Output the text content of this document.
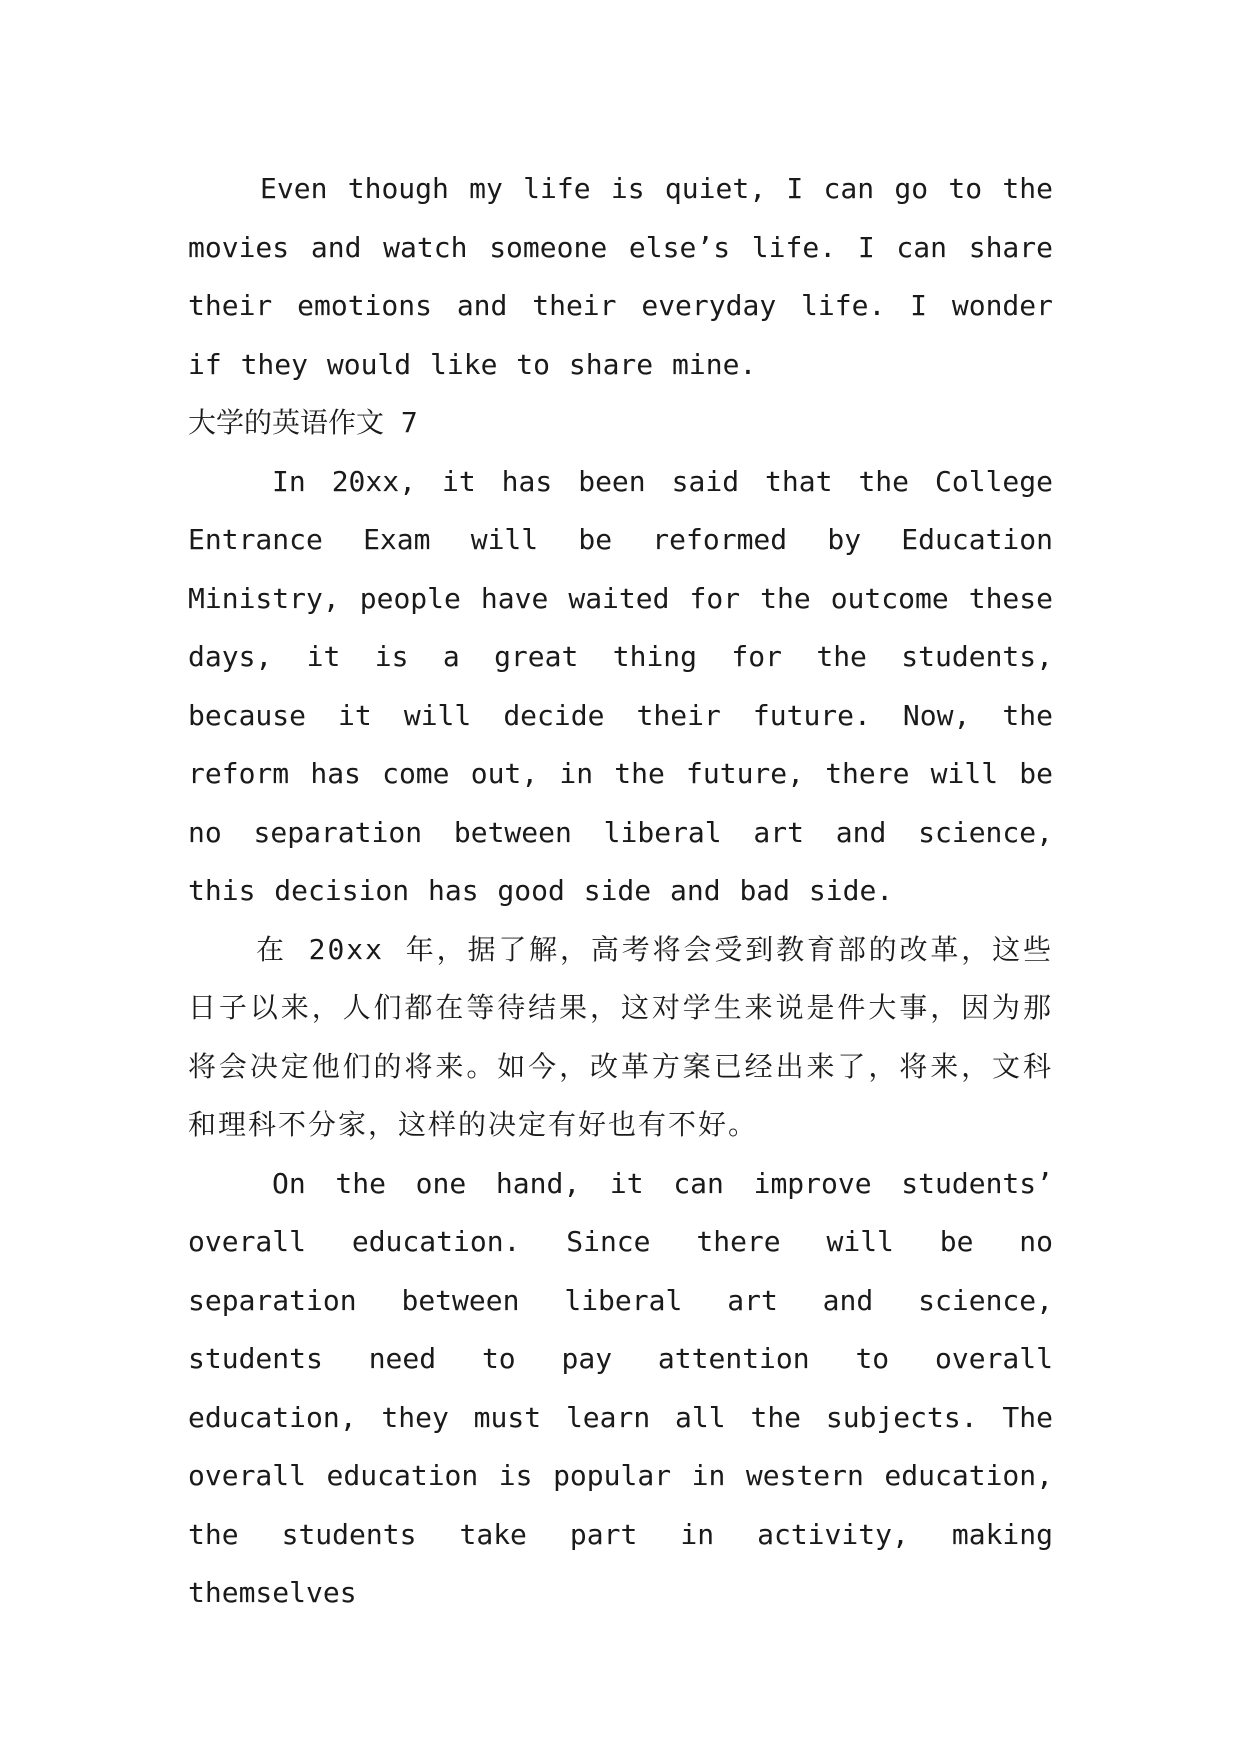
Even though my life is quiet, I can go to the movies and watch someone else’s life. I can share their emotions and their everyday life. I wonder if they would like to share mine.

大学的英语作文 7

In 20xx, it has been said that the College Entrance Exam will be reformed by Education Ministry, people have waited for the outcome these days, it is a great thing for the students, because it will decide their future. Now, the reform has come out, in the future, there will be no separation between liberal art and science, this decision has good side and bad side.

在 20xx 年，据了解，高考将会受到教育部的改革，这些日子以来，人们都在等待结果，这对学生来说是件大事，因为那将会决定他们的将来。如今，改革方案已经出来了，将来，文科和理科不分家，这样的决定有好也有不好。

On the one hand, it can improve students’ overall education. Since there will be no separation between liberal art and science, students need to pay attention to overall education, they must learn all the subjects. The overall education is popular in western education, the students take part in activity, making themselves
